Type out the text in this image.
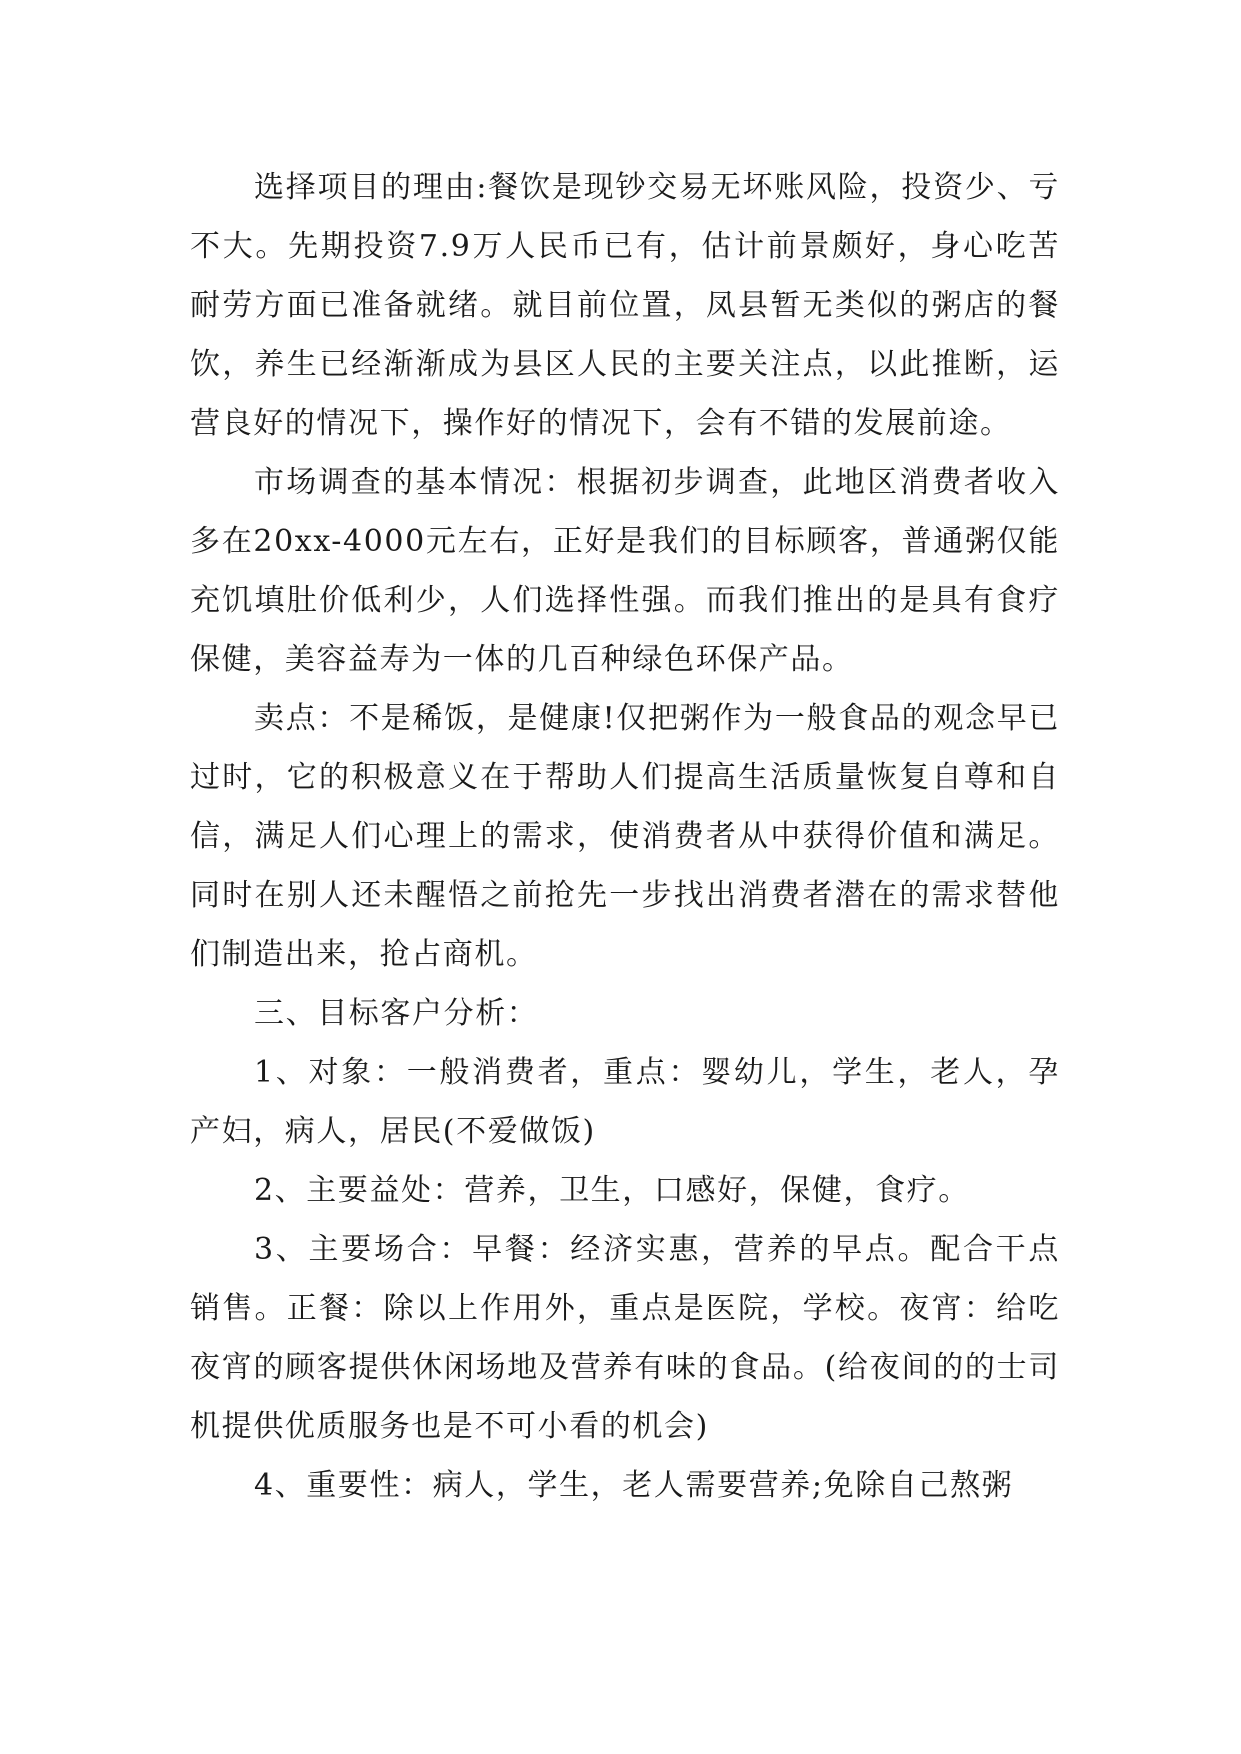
选择项目的理由:餐饮是现钞交易无坏账风险，投资少、亏不大。先期投资7.9万人民币已有，估计前景颇好，身心吃苦耐劳方面已准备就绪。就目前位置，凤县暂无类似的粥店的餐饮，养生已经渐渐成为县区人民的主要关注点，以此推断，运营良好的情况下，操作好的情况下，会有不错的发展前途。

市场调查的基本情况：根据初步调查，此地区消费者收入多在20xx-4000元左右，正好是我们的目标顾客，普通粥仅能充饥填肚价低利少，人们选择性强。而我们推出的是具有食疗保健，美容益寿为一体的几百种绿色环保产品。

卖点：不是稀饭，是健康!仅把粥作为一般食品的观念早已过时，它的积极意义在于帮助人们提高生活质量恢复自尊和自信，满足人们心理上的需求，使消费者从中获得价值和满足。同时在别人还未醒悟之前抢先一步找出消费者潜在的需求替他们制造出来，抢占商机。

三、目标客户分析：

1、对象：一般消费者，重点：婴幼儿，学生，老人，孕产妇，病人，居民(不爱做饭)

2、主要益处：营养，卫生，口感好，保健，食疗。

3、主要场合：早餐：经济实惠，营养的早点。配合干点销售。正餐：除以上作用外，重点是医院，学校。夜宵：给吃夜宵的顾客提供休闲场地及营养有味的食品。(给夜间的的士司机提供优质服务也是不可小看的机会)

4、重要性：病人，学生，老人需要营养;免除自己熬粥
